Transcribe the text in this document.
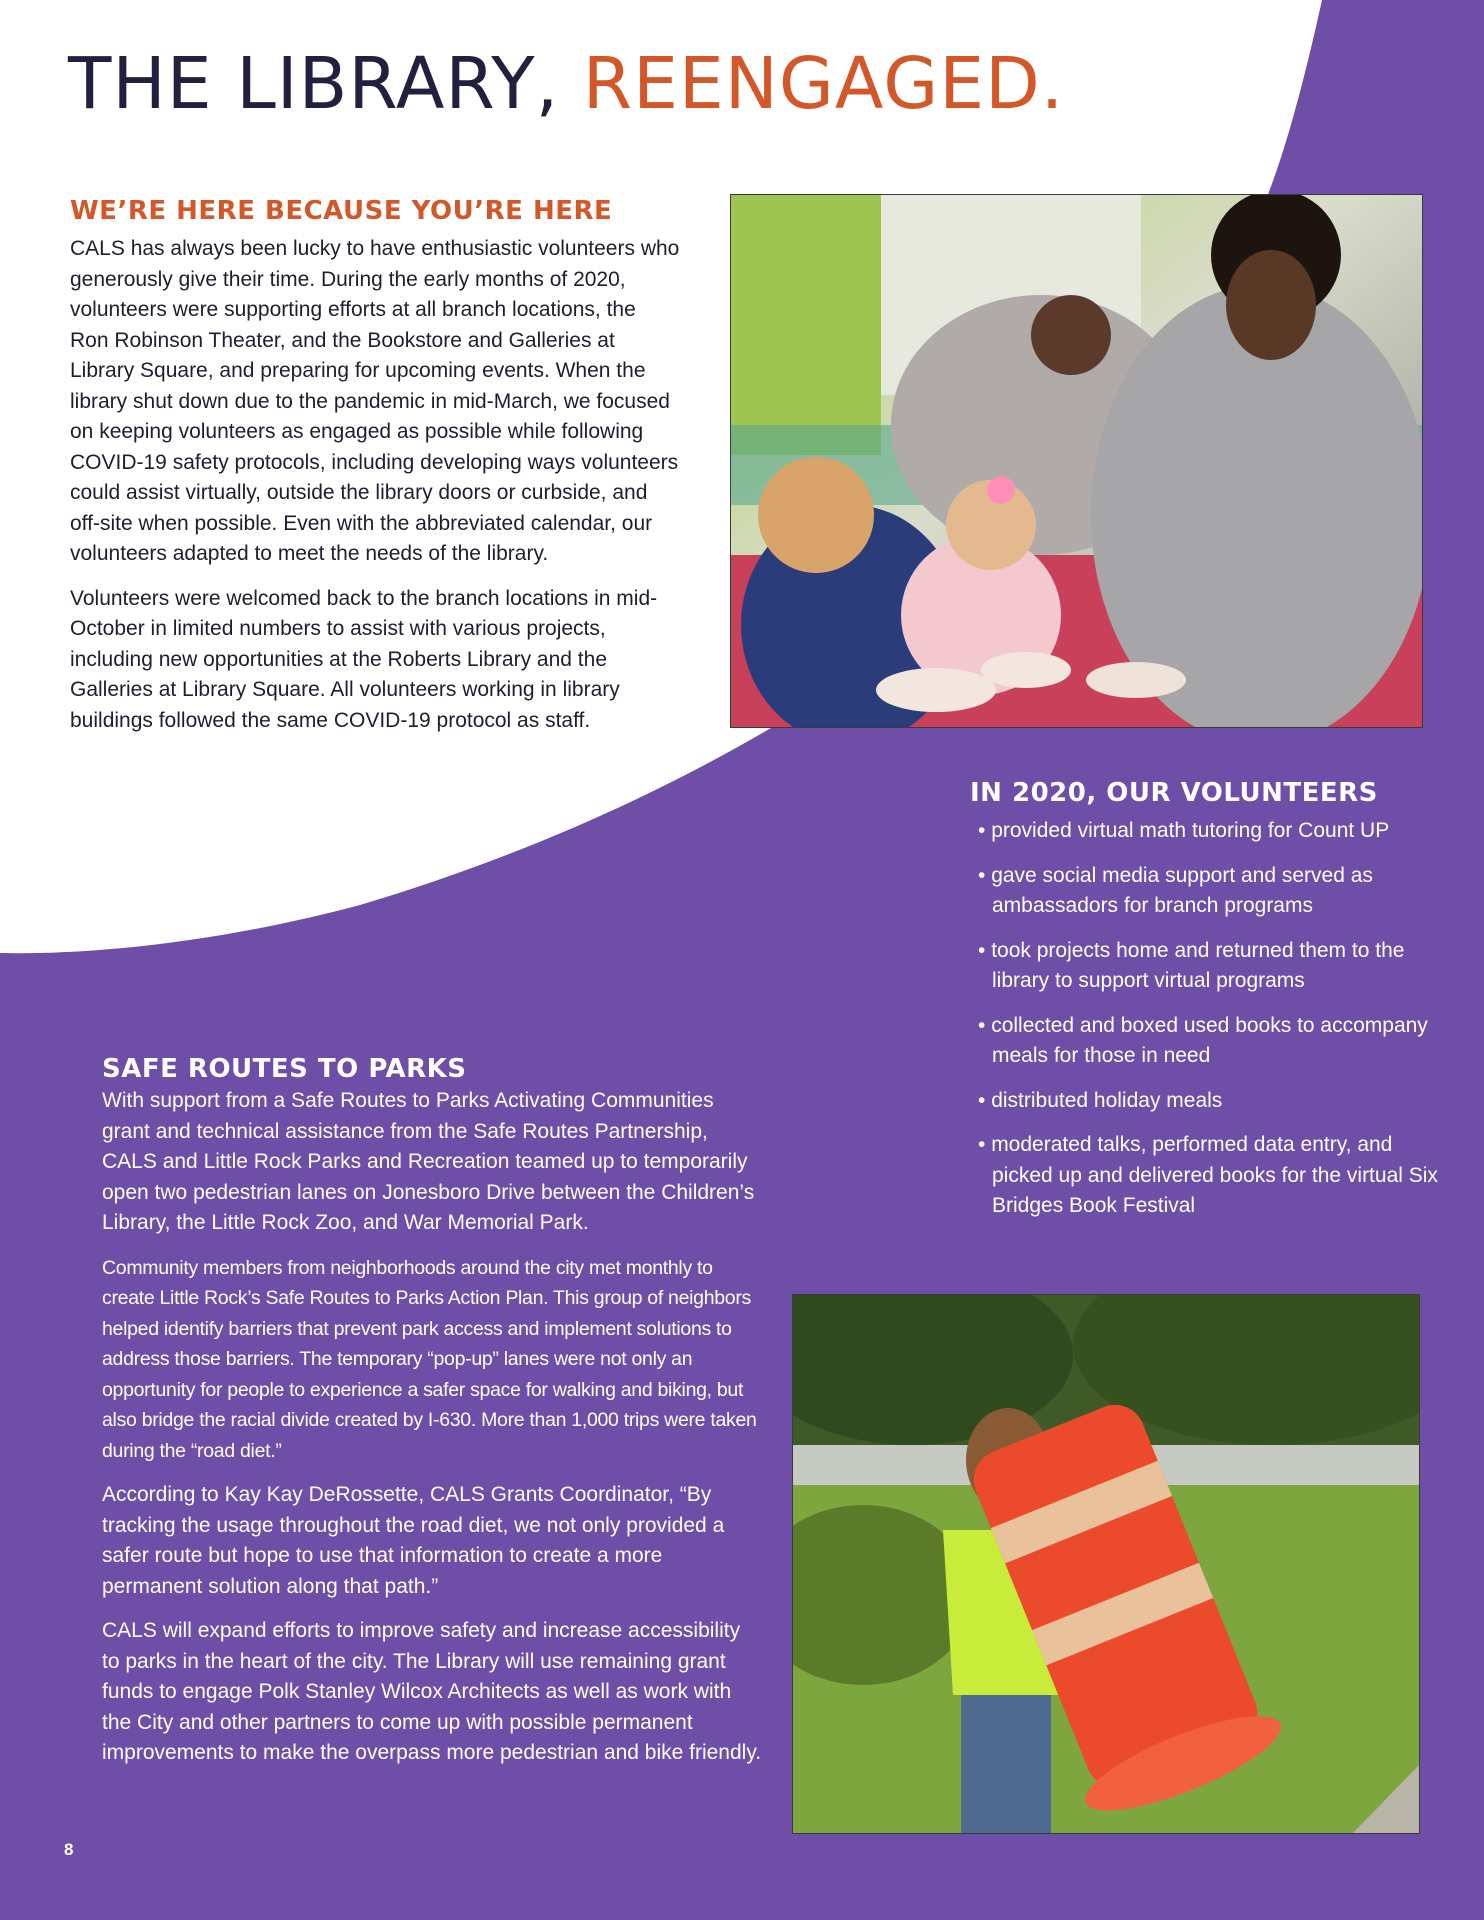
THE LIBRARY, REENGAGED.
WE’RE HERE BECAUSE YOU’RE HERE

CALS has always been lucky to have enthusiastic volunteers who generously give their time. During the early months of 2020, volunteers were supporting efforts at all branch locations, the Ron Robinson Theater, and the Bookstore and Galleries at Library Square, and preparing for upcoming events. When the library shut down due to the pandemic in mid-March, we focused on keeping volunteers as engaged as possible while following COVID-19 safety protocols, including developing ways volunteers could assist virtually, outside the library doors or curbside, and off-site when possible. Even with the abbreviated calendar, our volunteers adapted to meet the needs of the library.

Volunteers were welcomed back to the branch locations in mid-October in limited numbers to assist with various projects, including new opportunities at the Roberts Library and the Galleries at Library Square. All volunteers working in library buildings followed the same COVID-19 protocol as staff.

IN 2020, OUR VOLUNTEERS
• provided virtual math tutoring for Count UP
• gave social media support and served as ambassadors for branch programs
• took projects home and returned them to the library to support virtual programs
• collected and boxed used books to accompany meals for those in need
• distributed holiday meals
• moderated talks, performed data entry, and picked up and delivered books for the virtual Six Bridges Book Festival
SAFE ROUTES TO PARKS

With support from a Safe Routes to Parks Activating Communities grant and technical assistance from the Safe Routes Partnership, CALS and Little Rock Parks and Recreation teamed up to temporarily open two pedestrian lanes on Jonesboro Drive between the Children’s Library, the Little Rock Zoo, and War Memorial Park.

Community members from neighborhoods around the city met monthly to create Little Rock’s Safe Routes to Parks Action Plan. This group of neighbors helped identify barriers that prevent park access and implement solutions to address those barriers. The temporary “pop-up” lanes were not only an opportunity for people to experience a safer space for walking and biking, but also bridge the racial divide created by I-630. More than 1,000 trips were taken during the “road diet.”

According to Kay Kay DeRossette, CALS Grants Coordinator, “By tracking the usage throughout the road diet, we not only provided a safer route but hope to use that information to create a more permanent solution along that path.”

CALS will expand efforts to improve safety and increase accessibility to parks in the heart of the city. The Library will use remaining grant funds to engage Polk Stanley Wilcox Architects as well as work with the City and other partners to come up with possible permanent improvements to make the overpass more pedestrian and bike friendly.

8
